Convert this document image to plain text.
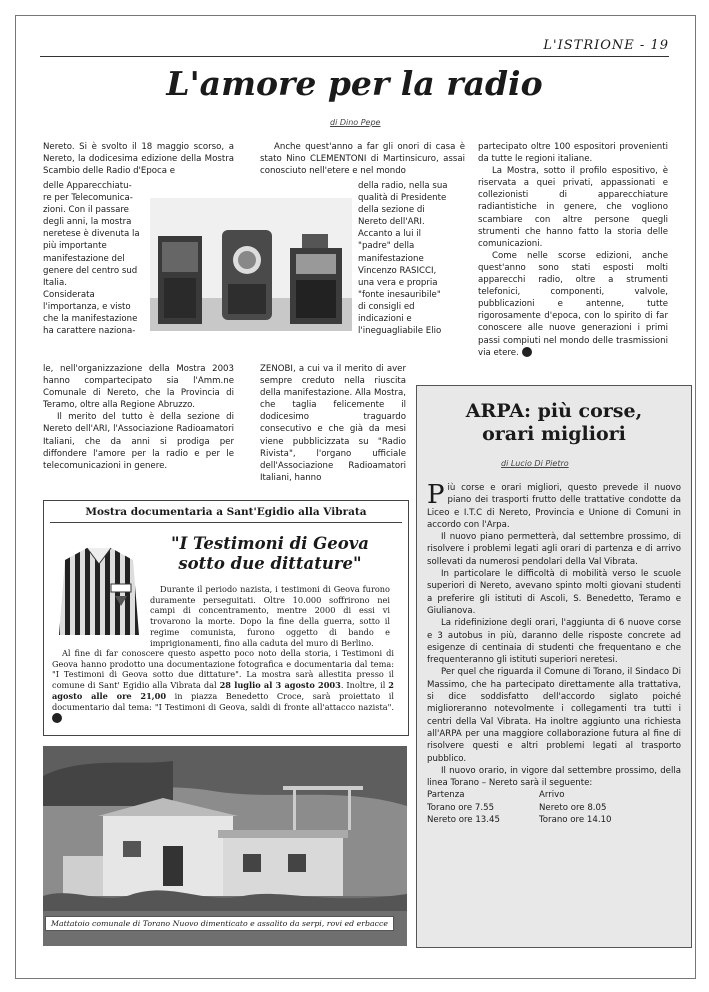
L'ISTRIONE - 19
L'amore per la radio
di Dino Pepe
Nereto. Si è svolto il 18 maggio scorso, a Nereto, la dodicesima edizione della Mostra Scambio delle Radio d'Epoca e
delle Apparecchiatu-
re per Telecomunica-
zioni. Con il passare
degli anni, la mostra
neretese è divenuta la
più importante
manifestazione del
genere del centro sud
Italia.
Considerata
l'importanza, e visto
che la manifestazione
ha carattere naziona-

le, nell'organizzazione della Mostra 2003 hanno compartecipato sia l'Amm.ne Comunale di Nereto, che la Provincia di Teramo, oltre alla Regione Abruzzo.

Il merito del tutto è della sezione di Nereto dell'ARI, l'Associazione Radioamatori Italiani, che da anni si prodiga per diffondere l'amore per la radio e per le telecomunicazioni in genere.

Anche quest'anno a far gli onori di casa è stato Nino CLEMENTONI di Martinsicuro, assai conosciuto nell'etere e nel mondo

della radio, nella sua
qualità di Presidente
della sezione di
Nereto dell'ARI.
Accanto a lui il
"padre" della
manifestazione
Vincenzo RASICCI,
una vera e propria
"fonte inesauribile"
di consigli ed
indicazioni e
l'ineguagliabile Elio
ZENOBI, a cui va il merito di aver sempre creduto nella riuscita della manifestazione. Alla Mostra, che taglia felicemente il dodicesimo traguardo consecutivo e che già da mesi viene pubblicizzata su "Radio Rivista", l'organo ufficiale dell'Associazione Radioamatori Italiani, hanno

partecipato oltre 100 espositori provenienti da tutte le regioni italiane.

La Mostra, sotto il profilo espositivo, è riservata a quei privati, appassionati e collezionisti di apparecchiature radiantistiche in genere, che vogliono scambiare con altre persone quegli strumenti che hanno fatto la storia delle comunicazioni.

Come nelle scorse edizioni, anche quest'anno sono stati esposti molti apparecchi radio, oltre a strumenti telefonici, componenti, valvole, pubblicazioni e antenne, tutte rigorosamente d'epoca, con lo spirito di far conoscere alle nuove generazioni i primi passi compiuti nel mondo delle trasmissioni via etere.	◆

Mostra documentaria a Sant'Egidio alla Vibrata
"I Testimoni di Geova sotto due dittature"

Durante il periodo nazista, i testimoni di Geova furono duramente perseguitati. Oltre 10.000 soffrirono nei campi di concentramento, mentre 2000 di essi vi trovarono la morte. Dopo la fine della guerra, sotto il regime comunista, furono oggetto di bando e imprigionamenti, fino alla caduta del muro di Berlino.

Al fine di far conoscere questo aspetto poco noto della storia, i Testimoni di Geova hanno prodotto una documentazione fotografica e documentaria dal tema: "I Testimoni di Geova sotto due dittature". La mostra sarà allestita presso il comune di Sant' Egidio alla Vibrata dal 28 luglio al 3 agosto 2003. Inoltre, il 2 agosto alle ore 21,00 in piazza Benedetto Croce, sarà proiettato il documentario dal tema: "I Testimoni di Geova, saldi di fronte all'attacco nazista". ◆

Mattatoio comunale di Torano Nuovo dimenticato e assalito da serpi, rovi ed erbacce
ARPA: più corse,
orari migliori
di Lucio Di Pietro

Più corse e orari migliori, questo prevede il nuovo piano dei trasporti frutto delle trattative condotte da Liceo e I.T.C di Nereto, Provincia e Unione di Comuni in accordo con l'Arpa.

Il nuovo piano permetterà, dal settembre prossimo, di risolvere i problemi legati agli orari di partenza e di arrivo sollevati da numerosi pendolari della Val Vibrata.

In particolare le difficoltà di mobilità verso le scuole superiori di Nereto, avevano spinto molti giovani studenti a preferire gli istituti di Ascoli, S. Benedetto, Teramo e Giulianova.

La ridefinizione degli orari, l'aggiunta di 6 nuove corse e 3 autobus in più, daranno delle risposte concrete ad esigenze di centinaia di studenti che frequentano e che frequenteranno gli istituti superiori neretesi.

Per quel che riguarda il Comune di Torano, il Sindaco Di Massimo, che ha partecipato direttamente alla trattativa, si dice soddisfatto dell'accordo siglato poiché miglioreranno notevolmente i collegamenti tra tutti i centri della Val Vibrata. Ha inoltre aggiunto una richiesta all'ARPA per una maggiore collaborazione futura al fine di risolvere questi e altri problemi legati al trasporto pubblico.

Il nuovo orario, in vigore dal settembre prossimo, della linea Torano – Nereto sarà il seguente:

Partenza	Arrivo
Torano ore 7.55	Nereto ore 8.05
Nereto ore 13.45	Torano ore 14.10
